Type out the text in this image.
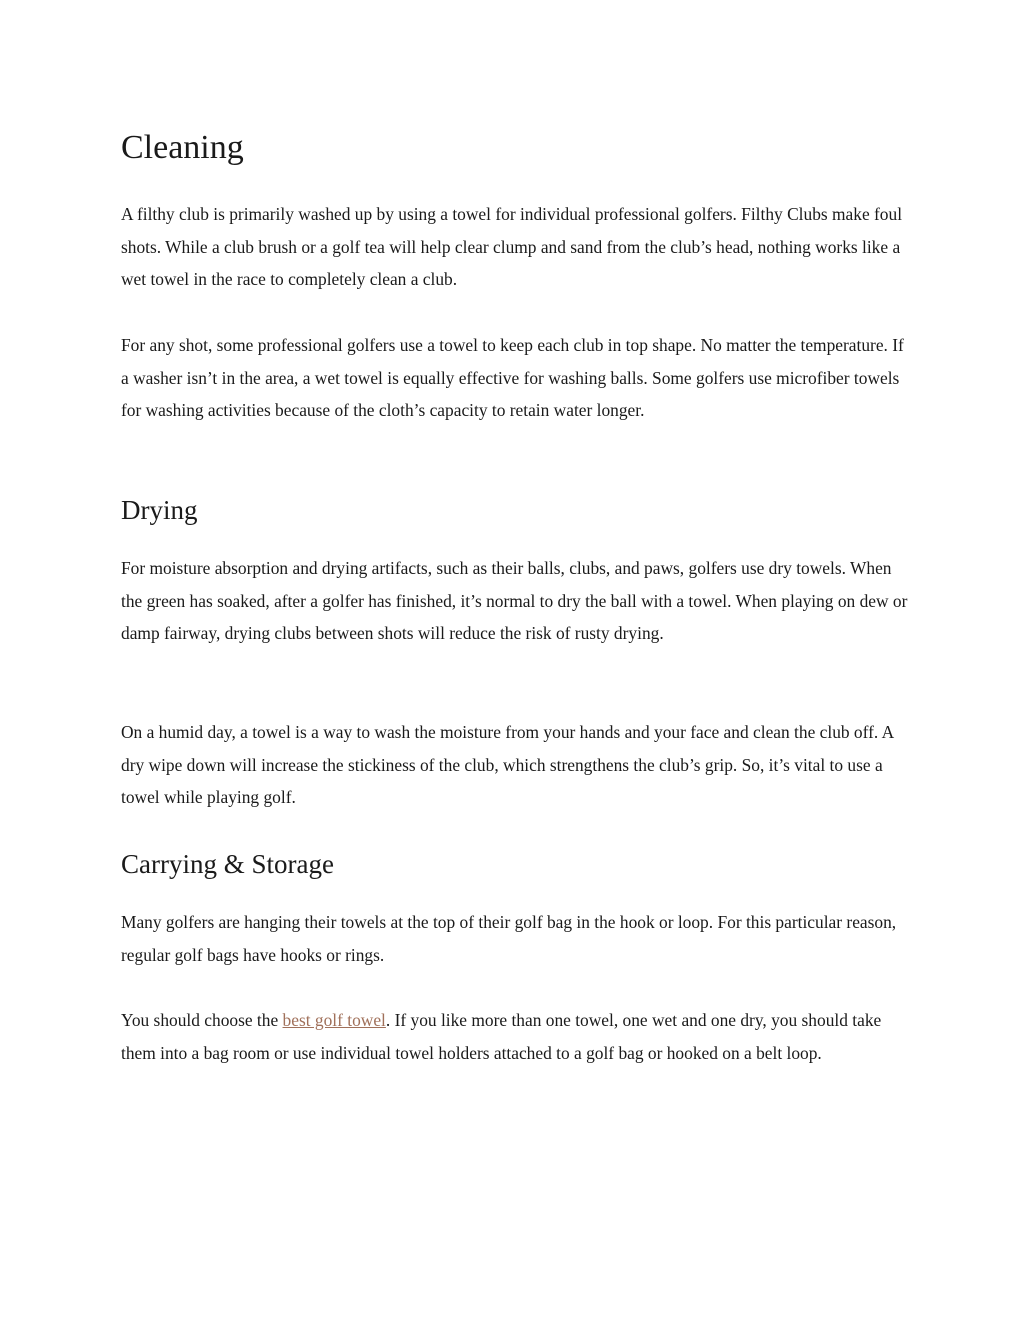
Cleaning

A filthy club is primarily washed up by using a towel for individual professional golfers. Filthy Clubs make foul shots. While a club brush or a golf tea will help clear clump and sand from the club’s head, nothing works like a wet towel in the race to completely clean a club.

For any shot, some professional golfers use a towel to keep each club in top shape. No matter the temperature. If a washer isn’t in the area, a wet towel is equally effective for washing balls. Some golfers use microfiber towels for washing activities because of the cloth’s capacity to retain water longer.

Drying

For moisture absorption and drying artifacts, such as their balls, clubs, and paws, golfers use dry towels. When the green has soaked, after a golfer has finished, it’s normal to dry the ball with a towel. When playing on dew or damp fairway, drying clubs between shots will reduce the risk of rusty drying.

On a humid day, a towel is a way to wash the moisture from your hands and your face and clean the club off. A dry wipe down will increase the stickiness of the club, which strengthens the club’s grip. So, it’s vital to use a towel while playing golf.

Carrying & Storage

Many golfers are hanging their towels at the top of their golf bag in the hook or loop. For this particular reason, regular golf bags have hooks or rings.

You should choose the best golf towel. If you like more than one towel, one wet and one dry, you should take them into a bag room or use individual towel holders attached to a golf bag or hooked on a belt loop.
